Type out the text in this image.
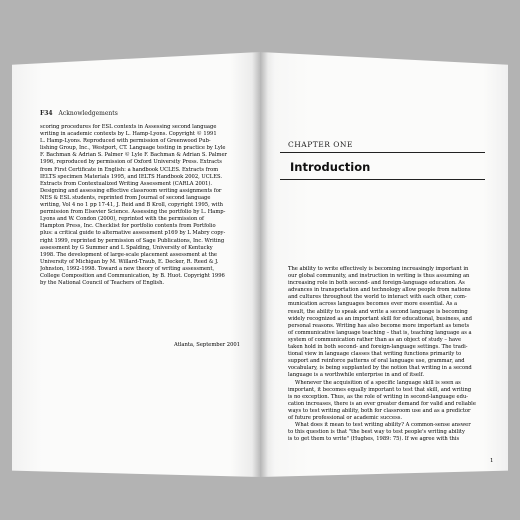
F34 Acknowledgements
scoring procedures for ESL contexts in Assessing second language
writing in academic contexts by L. Hamp-Lyons. Copyright © 1991
L. Hamp-Lyons. Reproduced with permission of Greenwood Pub-
lishing Group, Inc., Westport, CT. Language testing in practice by Lyle
F. Bachman & Adrian S. Palmer © Lyle F. Bachman & Adrian S. Palmer
1996, reproduced by permission of Oxford University Press. Extracts
from First Certificate in English: a handbook UCLES. Extracts from
IELTS specimen Materials 1995, and IELTS Handbook 2002, UCLES.
Extracts from Contextualized Writing Assessment (CARLA 2001).
Designing and assessing effective classroom writing assignments for
NES & ESL students, reprinted from Journal of second language
writing, Vol 4 no 1 pp 17-41, J. Reid and B Kroll, copyright 1995, with
permission from Elsevier Science. Assessing the portfolio by L. Hamp-
Lyons and W. Condon (2000), reprinted with the permission of
Hampton Press, Inc. Checklist for portfolio contents from Portfolio
plus: a critical guide to alternative assessment p169 by L Mabry copy-
right 1999, reprinted by permission of Sage Publications, Inc. Writing
assessment by G Summer and L Spalding, University of Kentucky
1998. The development of large-scale placement assessment at the
University of Michigan by M. Willard-Traub, E. Decker, R. Reed & J.
Johnston, 1992-1998. Toward a new theory of writing assessment,
College Composition and Communication, by B. Huot. Copyright 1996
by the National Council of Teachers of English.
Atlanta, September 2001
CHAPTER ONE
Introduction
The ability to write effectively is becoming increasingly important in
our global community, and instruction in writing is thus assuming an
increasing role in both second- and foreign-language education. As
advances in transportation and technology allow people from nations
and cultures throughout the world to interact with each other, com-
munication across languages becomes ever more essential. As a
result, the ability to speak and write a second language is becoming
widely recognized as an important skill for educational, business, and
personal reasons. Writing has also become more important as tenets
of communicative language teaching – that is, teaching language as a
system of communication rather than as an object of study – have
taken hold in both second- and foreign-language settings. The tradi-
tional view in language classes that writing functions primarily to
support and reinforce patterns of oral language use, grammar, and
vocabulary, is being supplanted by the notion that writing in a second
language is a worthwhile enterprise in and of itself.
Whenever the acquisition of a specific language skill is seen as
important, it becomes equally important to test that skill, and writing
is no exception. Thus, as the role of writing in second-language edu-
cation increases, there is an ever greater demand for valid and reliable
ways to test writing ability, both for classroom use and as a predictor
of future professional or academic success.
What does it mean to test writing ability? A common-sense answer
to this question is that "the best way to test people's writing ability
is to get them to write" (Hughes, 1989: 75). If we agree with this
1
